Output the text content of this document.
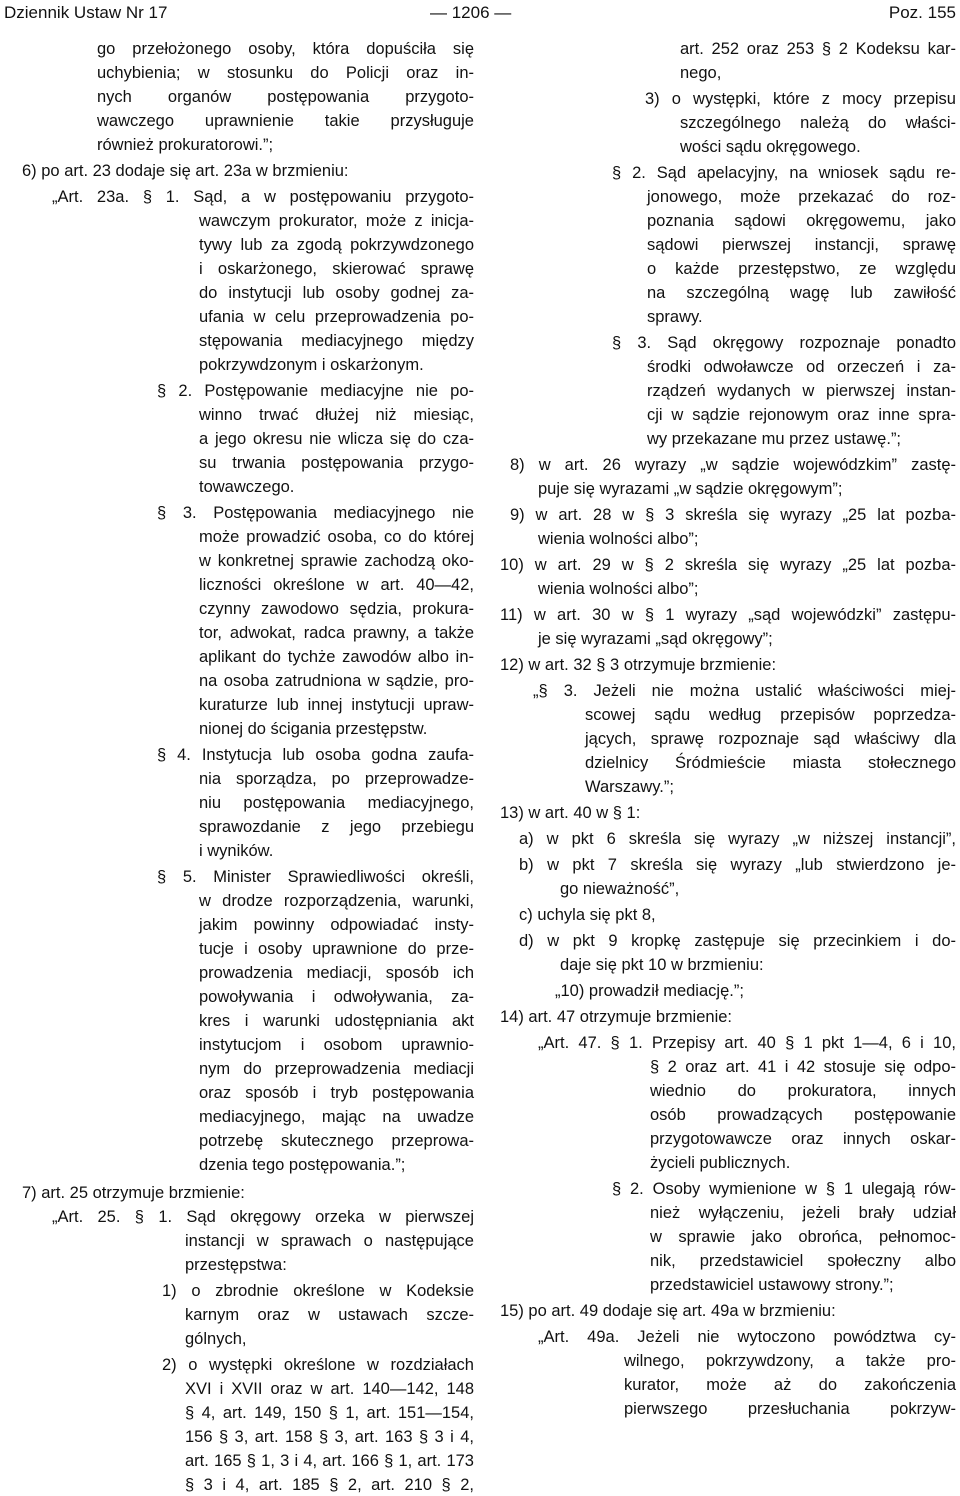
Dziennik Ustaw Nr 17	— 1206 —	Poz. 155
go przełożonego osoby, która dopuściła się
uchybienia; w stosunku do Policji oraz in-
nych organów postępowania przygoto-
wawczego uprawnienie takie przysługuje
również prokuratorowi.”;
6) po art. 23 dodaje się art. 23a w brzmieniu:
„Art. 23a. § 1. Sąd, a w postępowaniu przygoto-
wawczym prokurator, może z inicja-
tywy lub za zgodą pokrzywdzonego
i oskarżonego, skierować sprawę
do instytucji lub osoby godnej za-
ufania w celu przeprowadzenia po-
stępowania mediacyjnego między
pokrzywdzonym i oskarżonym.
§ 2. Postępowanie mediacyjne nie po-
winno trwać dłużej niż miesiąc,
a jego okresu nie wlicza się do cza-
su trwania postępowania przygo-
towawczego.
§ 3. Postępowania mediacyjnego nie
może prowadzić osoba, co do której
w konkretnej sprawie zachodzą oko-
liczności określone w art. 40—42,
czynny zawodowo sędzia, prokura-
tor, adwokat, radca prawny, a także
aplikant do tychże zawodów albo in-
na osoba zatrudniona w sądzie, pro-
kuraturze lub innej instytucji upraw-
nionej do ścigania przestępstw.
§ 4. Instytucja lub osoba godna zaufa-
nia sporządza, po przeprowadze-
niu postępowania mediacyjnego,
sprawozdanie z jego przebiegu
i wyników.
§ 5. Minister Sprawiedliwości określi,
w drodze rozporządzenia, warunki,
jakim powinny odpowiadać insty-
tucje i osoby uprawnione do prze-
prowadzenia mediacji, sposób ich
powoływania i odwoływania, za-
kres i warunki udostępniania akt
instytucjom i osobom uprawnio-
nym do przeprowadzenia mediacji
oraz sposób i tryb postępowania
mediacyjnego, mając na uwadze
potrzebę skutecznego przeprowa-
dzenia tego postępowania.”;
7) art. 25 otrzymuje brzmienie:
„Art. 25. § 1. Sąd okręgowy orzeka w pierwszej
instancji w sprawach o następujące
przestępstwa:
1) o zbrodnie określone w Kodeksie
karnym oraz w ustawach szcze-
gólnych,
2) o występki określone w rozdziałach
XVI i XVII oraz w art. 140—142, 148
§ 4, art. 149, 150 § 1, art. 151—154,
156 § 3, art. 158 § 3, art. 163 § 3 i 4,
art. 165 § 1, 3 i 4, art. 166 § 1, art. 173
§ 3 i 4, art. 185 § 2, art. 210 § 2,
art. 252 oraz 253 § 2 Kodeksu kar-
nego,
3) o występki, które z mocy przepisu
szczególnego należą do właści-
wości sądu okręgowego.
§ 2. Sąd apelacyjny, na wniosek sądu re-
jonowego, może przekazać do roz-
poznania sądowi okręgowemu, jako
sądowi pierwszej instancji, sprawę
o każde przestępstwo, ze względu
na szczególną wagę lub zawiłość
sprawy.
§ 3. Sąd okręgowy rozpoznaje ponadto
środki odwoławcze od orzeczeń i za-
rządzeń wydanych w pierwszej instan-
cji w sądzie rejonowym oraz inne spra-
wy przekazane mu przez ustawę.”;
8) w art. 26 wyrazy „w sądzie wojewódzkim” zastę-
puje się wyrazami „w sądzie okręgowym”;
9) w art. 28 w § 3 skreśla się wyrazy „25 lat pozba-
wienia wolności albo”;
10) w art. 29 w § 2 skreśla się wyrazy „25 lat pozba-
wienia wolności albo”;
11) w art. 30 w § 1 wyrazy „sąd wojewódzki” zastępu-
je się wyrazami „sąd okręgowy”;
12) w art. 32 § 3 otrzymuje brzmienie:
„§ 3. Jeżeli nie można ustalić właściwości miej-
scowej sądu według przepisów poprzedza-
jących, sprawę rozpoznaje sąd właściwy dla
dzielnicy Śródmieście miasta stołecznego
Warszawy.”;
13) w art. 40 w § 1:
a) w pkt 6 skreśla się wyrazy „w niższej instancji”,
b) w pkt 7 skreśla się wyrazy „lub stwierdzono je-
go nieważność”,
c) uchyla się pkt 8,
d) w pkt 9 kropkę zastępuje się przecinkiem i do-
daje się pkt 10 w brzmieniu:
„10) prowadził mediację.”;
14) art. 47 otrzymuje brzmienie:
„Art. 47. § 1. Przepisy art. 40 § 1 pkt 1—4, 6 i 10,
§ 2 oraz art. 41 i 42 stosuje się odpo-
wiednio do prokuratora, innych
osób prowadzących postępowanie
przygotowawcze oraz innych oskar-
życieli publicznych.
§ 2. Osoby wymienione w § 1 ulegają rów-
nież wyłączeniu, jeżeli brały udział
w sprawie jako obrońca, pełnomoc-
nik, przedstawiciel społeczny albo
przedstawiciel ustawowy strony.”;
15) po art. 49 dodaje się art. 49a w brzmieniu:
„Art. 49a. Jeżeli nie wytoczono powództwa cy-
wilnego, pokrzywdzony, a także pro-
kurator, może aż do zakończenia
pierwszego przesłuchania pokrzyw-
